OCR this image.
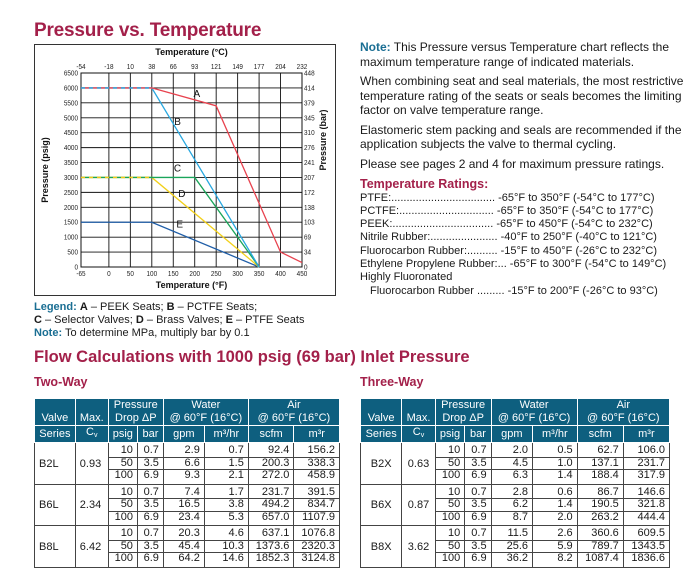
Pressure vs. Temperature
-65
-54
0
-18
50
10
100
38
150
66
200
93
250
121
300
149
350
177
400
204
450
232
0	0
500	34
1000	69
1500	103
2000	138
2500	172
3000	207
3500	241
4000	276
4500	310
5000	345
5500	379
6000	414
6500	448
Temperature (°C)
Temperature (°F)
Pressure (psig)	Pressure (bar)
E
D
C
B
A
Legend: A – PEEK Seats; B – PCTFE Seats;
C – Selector Valves; D – Brass Valves; E – PTFE Seats
Note: To determine MPa, multiply bar by 0.1

Note: This Pressure versus Temperature chart reflects the maximum temperature range of indicated materials.

When combining seat and seal materials, the most restrictive temperature rating of the seats or seals becomes the limiting factor on valve temperature range.

Elastomeric stem packing and seals are recommended if the application subjects the valve to thermal cycling.

Please see pages 2 and 4 for maximum pressure ratings.

Temperature Ratings:
PTFE:.................................. -65°F to 350°F (-54°C to 177°C)
PCTFE:............................... -65°F to 350°F (-54°C to 177°C)
PEEK:................................. -65°F to 450°F (-54°C to 232°C)
Nitrile Rubber:...................... -40°F to 250°F (-40°C to 121°C)
Fluorocarbon Rubber:.......... -15°F to 450°F (-26°C to 232°C)
Ethylene Propylene Rubber:... -65°F to 300°F (-54°C to 149°C)
Highly Fluoronated
Fluorocarbon Rubber ......... -15°F to 200°F (-26°C to 93°C)
Flow Calculations with 1000 psig (69 bar) Inlet Pressure
Two-Way	Three-Way
Valve	Max.	Pressure
Drop ΔP		Water
@ 60°F (16°C)		Air
@ 60°F (16°C)	

Series	$C_v$	psig	bar	gpm	m³/hr	scfm	m³r
B2L	0.93	10	0.7	2.9	0.7	92.4	156.2
		50	3.5	6.6	1.5	200.3	338.3
		100	6.9	9.3	2.1	272.0	458.9
B6L	2.34	10	0.7	7.4	1.7	231.7	391.5
		50	3.5	16.5	3.8	494.2	834.7
		100	6.9	23.4	5.3	657.0	1107.9
B8L	6.42	10	0.7	20.3	4.6	637.1	1076.8
		50	3.5	45.4	10.3	1373.6	2320.3
		100	6.9	64.2	14.6	1852.3	3124.8
Valve	Max.	Pressure
Drop ΔP		Water
@ 60°F (16°C)		Air
@ 60°F (16°C)	

Series	$C_v$	psig	bar	gpm	m³/hr	scfm	m³r
B2X	0.63	10	0.7	2.0	0.5	62.7	106.0
		50	3.5	4.5	1.0	137.1	231.7
		100	6.9	6.3	1.4	188.4	317.9
B6X	0.87	10	0.7	2.8	0.6	86.7	146.6
		50	3.5	6.2	1.4	190.5	321.8
		100	6.9	8.7	2.0	263.2	444.4
B8X	3.62	10	0.7	11.5	2.6	360.6	609.5
		50	3.5	25.6	5.9	789.7	1343.5
		100	6.9	36.2	8.2	1087.4	1836.6
